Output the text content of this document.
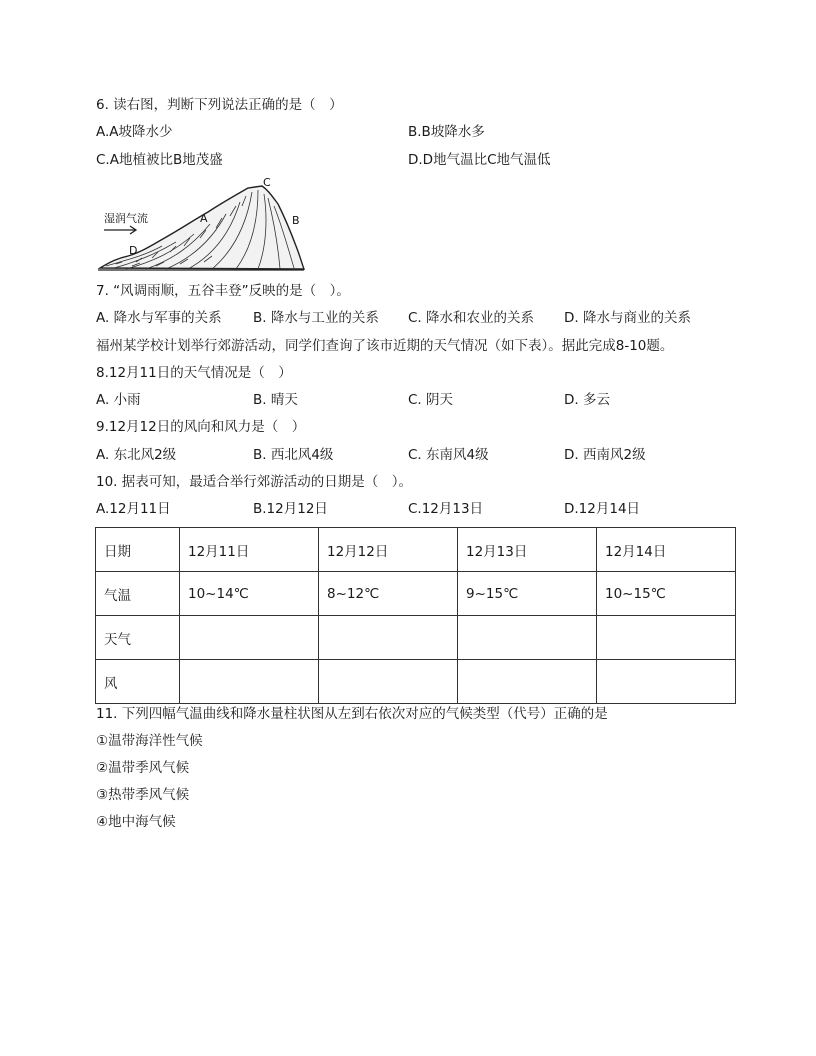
6. 读右图，判断下列说法正确的是（　）
A.A坡降水少	B.B坡降水多
C.A地植被比B地茂盛	D.D地气温比C地气温低
湿润气流	A	B
C
D
7. “风调雨顺，五谷丰登”反映的是（　）。
A. 降水与军事的关系 B. 降水与工业的关系 C. 降水和农业的关系 D. 降水与商业的关系
福州某学校计划举行郊游活动，同学们查询了该市近期的天气情况（如下表）。据此完成8-10题。
8.12月11日的天气情况是（　）
A. 小雨	B. 晴天	C. 阴天	D. 多云
9.12月12日的风向和风力是（　）
A. 东北风2级	B. 西北风4级	C. 东南风4级	D. 西南风2级
10. 据表可知，最适合举行郊游活动的日期是（　）。
A.12月11日	B.12月12日	C.12月13日	D.12月14日
日期	12月11日	12月12日	12月13日	12月14日
气温	10~14℃	8~12℃	9~15℃	10~15℃
天气				
风				
11. 下列四幅气温曲线和降水量柱状图从左到右依次对应的气候类型（代号）正确的是
①温带海洋性气候
②温带季风气候
③热带季风气候
④地中海气候
